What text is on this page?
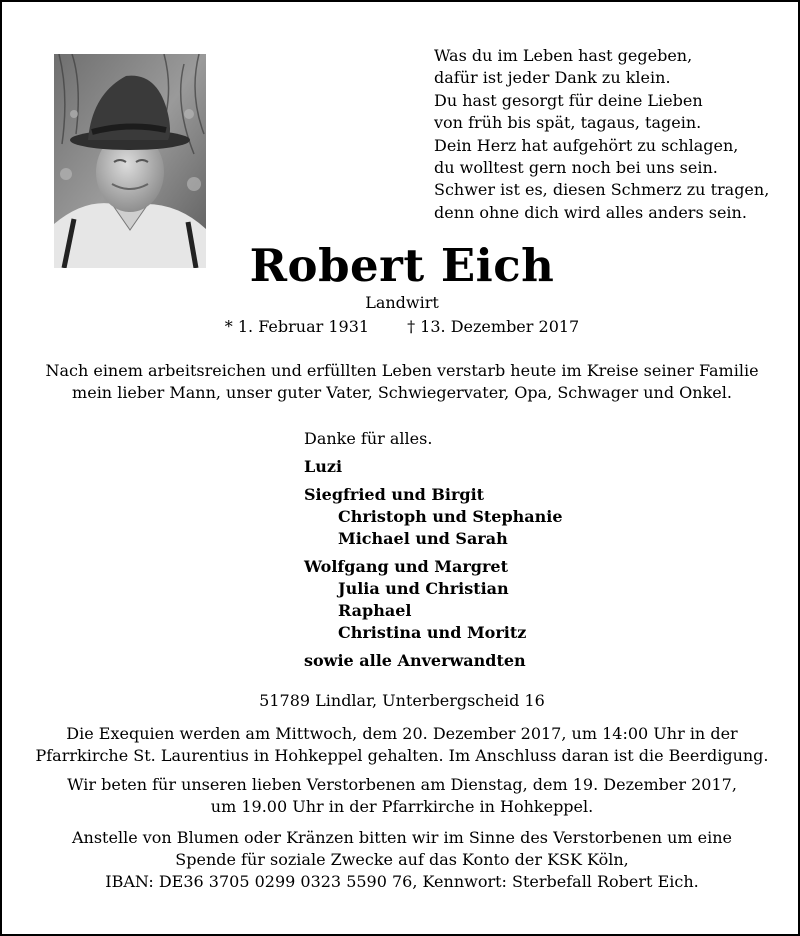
Was du im Leben hast gegeben,
dafür ist jeder Dank zu klein.
Du hast gesorgt für deine Lieben
von früh bis spät, tagaus, tagein.
Dein Herz hat aufgehört zu schlagen,
du wolltest gern noch bei uns sein.
Schwer ist es, diesen Schmerz zu tragen,
denn ohne dich wird alles anders sein.
Robert Eich
Landwirt
* 1. Februar 1931 † 13. Dezember 2017
Nach einem arbeitsreichen und erfüllten Leben verstarb heute im Kreise seiner Familie
mein lieber Mann, unser guter Vater, Schwiegervater, Opa, Schwager und Onkel.
Danke für alles.
Luzi
Siegfried und Birgit
Christoph und Stephanie
Michael und Sarah
Wolfgang und Margret
Julia und Christian
Raphael
Christina und Moritz
sowie alle Anverwandten
51789 Lindlar, Unterbergscheid 16
Die Exequien werden am Mittwoch, dem 20. Dezember 2017, um 14:00 Uhr in der
Pfarrkirche St. Laurentius in Hohkeppel gehalten. Im Anschluss daran ist die Beerdigung.
Wir beten für unseren lieben Verstorbenen am Dienstag, dem 19. Dezember 2017,
um 19.00 Uhr in der Pfarrkirche in Hohkeppel.
Anstelle von Blumen oder Kränzen bitten wir im Sinne des Verstorbenen um eine
Spende für soziale Zwecke auf das Konto der KSK Köln,
IBAN: DE36 3705 0299 0323 5590 76, Kennwort: Sterbefall Robert Eich.
